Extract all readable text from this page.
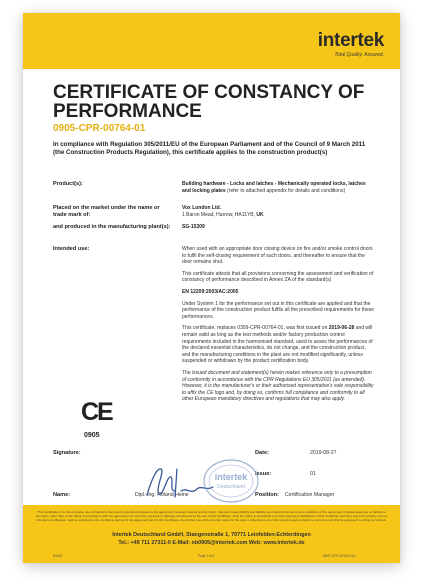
intertek
Total Quality. Assured.
CERTIFICATE OF CONSTANCY OF PERFORMANCE
0905-CPR-00764-01
In compliance with Regulation 305/2011/EU of the European Parliament and of the Council of 9 March 2011 (the Construction Products Regulation), this certificate applies to the construction product(s)
Product(s):	Building hardware - Locks and latches - Mechanically operated locks, latches and locking plates (refer to attached appendix for details and conditions)
Placed on the market under the name or trade mark of:
Vox London Ltd.
1 Baron Mead, Harrow, HA11YB, UK
and produced in the manufacturing plant(s):	SG-15309
Intended use:	When used with an appropriate door closing device on fire and/or smoke control doors to fulfil the self-closing requirement of such doors, and thereafter to ensure that the door remains shut.

This certificate attests that all provisions concerning the assessment and verification of constancy of performance described in Annex ZA of the standard(s)

EN 12209:2003/AC:2005

Under System 1 for the performance set out in this certificate are applied and that the performance of the construction product fulfils all the prescribed requirements for these performances.

This certificate, replaces 0359-CPR-00764-01, was first issued on 2019-06-28 and will remain valid as long as the test methods and/or factory production control requirements included in the harmonised standard, used to asses the performances of the declared essential characteristics, do not change, and the construction product, and the manufacturing conditions in the plant are not modified significantly, unless suspended or withdrawn by the product certification body.

The issued document and statement(s) herein makes reference only to a presumption of conformity in accordance with the CPR Regulations EU 305/2011 (as amended). However, it is the manufacturer's or their authorised representative's sole responsibility to affix the CE logo and, by doing so, confirms full compliance and conformity to all other European mandatory directives and regulations that may also apply.

CE
0905
Signature:	Date:	2019-08-27
Issue:	01
Name:	Dipl.-Ing. Roland Heine	Position: Certification Manager
intertek
Deutschland
This Certificate is for the exclusive use of Intertek's client and is provided pursuant to the agreement between Intertek and its Client. Intertek's responsibility and liability are limited to the terms and conditions of the agreement. Intertek assumes no liability to any party, other than to the Client in accordance with the agreement, for any loss, expense or damage occasioned by the use of this Certificate. Only the Client is authorized to permit copying or distribution of this Certificate and then only in its entirety. Use of Intertek's Certification mark is restricted to the conditions laid out in the agreement and in this Certificate. Any further use of the Intertek name for the sale or advertisement of the tested material, product or service must first be approved in writing by Intertek.
Intertek Deutschland GmbH, Stangenstraße 1, 70771 Leinfelden-Echterdingen
Tel.: +49 711 27311-0 E-Mail: nb0905@intertek.com Web: www.intertek.de
8/1/83	Page 1 of 2	NB07-CPR-00764-01/1
